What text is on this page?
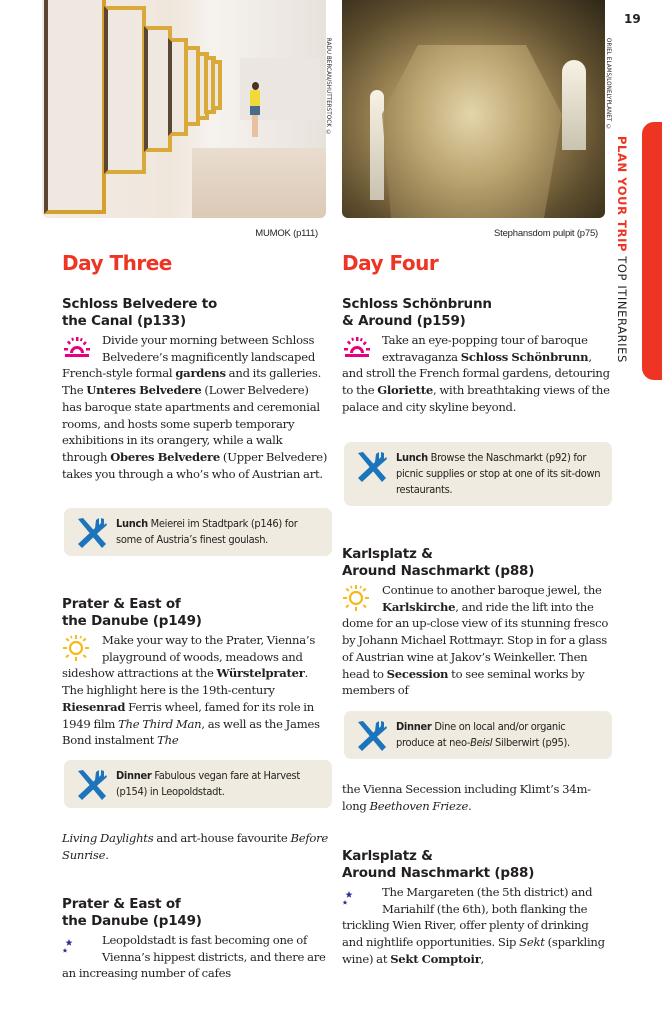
19
PLAN YOUR TRIP TOP ITINERARIES
RADU BERCAN/SHUTTERSTOCK ©
MUMOK (p111)
ORIEL ELAMS/LONELYPLANET ©
Stephansdom pulpit (p75)
Day Three
Schloss Belvedere to
the Canal (p133)

Divide your morning between Schloss Belvedere’s magnificently landscaped French-style formal gardens and its galleries. The Unteres Belvedere (Lower Belvedere) has baroque state apartments and ceremonial rooms, and hosts some superb temporary exhibitions in its orangery, while a walk through Oberes Belvedere (Upper Belvedere) takes you through a who’s who of Austrian art.

Lunch Meierei im Stadtpark (p146) for some of Austria’s finest goulash.
Prater & East of
the Danube (p149)

Make your way to the Prater, Vienna’s playground of woods, meadows and sideshow attractions at the Würstelprater. The highlight here is the 19th-century Riesenrad Ferris wheel, famed for its role in 1949 film The Third Man, as well as the James Bond instalment The

Dinner Fabulous vegan fare at Harvest (p154) in Leopoldstadt.

Living Daylights and art-house favourite Before Sunrise.

Prater & East of
the Danube (p149)

Leopoldstadt is fast becoming one of Vienna’s hippest districts, and there are an increasing number of cafes

Day Four
Schloss Schönbrunn
& Around (p159)

Take an eye-popping tour of baroque extravaganza Schloss Schönbrunn, and stroll the French formal gardens, detouring to the Gloriette, with breathtaking views of the palace and city skyline beyond.

Lunch Browse the Naschmarkt (p92) for picnic supplies or stop at one of its sit-down restaurants.
Karlsplatz &
Around Naschmarkt (p88)

Continue to another baroque jewel, the Karlskirche, and ride the lift into the dome for an up-close view of its stunning fresco by Johann Michael Rottmayr. Stop in for a glass of Austrian wine at Jakov’s Weinkeller. Then head to Secession to see seminal works by members of

Dinner Dine on local and/or organic produce at neo-Beisl Silberwirt (p95).

the Vienna Secession including Klimt’s 34m-long Beethoven Frieze.

Karlsplatz &
Around Naschmarkt (p88)

The Margareten (the 5th district) and Mariahilf (the 6th), both flanking the trickling Wien River, offer plenty of drinking and nightlife opportunities. Sip Sekt (sparkling wine) at Sekt Comptoir,
